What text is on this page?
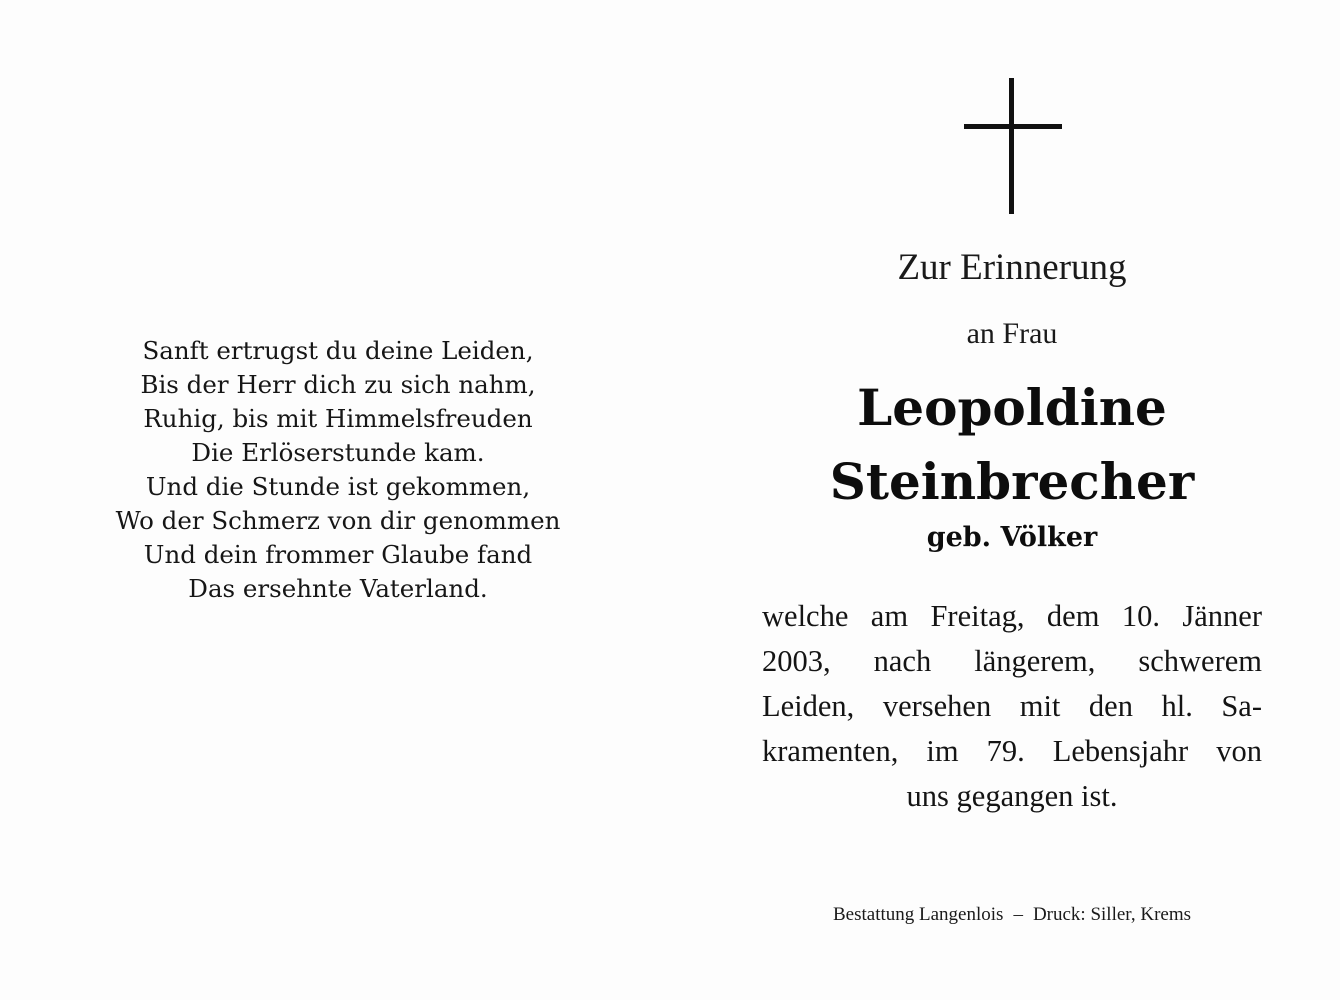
Sanft ertrugst du deine Leiden,
Bis der Herr dich zu sich nahm,
Ruhig, bis mit Himmelsfreuden
Die Erlöserstunde kam.
Und die Stunde ist gekommen,
Wo der Schmerz von dir genommen
Und dein frommer Glaube fand
Das ersehnte Vaterland.
Zur Erinnerung
an Frau
Leopoldine
Steinbrecher
geb. Völker
welche am Freitag, dem 10. Jänner
2003, nach längerem, schwerem
Leiden, versehen mit den hl. Sa-
kramenten, im 79. Lebensjahr von
uns gegangen ist.
Bestattung Langenlois – Druck: Siller, Krems
